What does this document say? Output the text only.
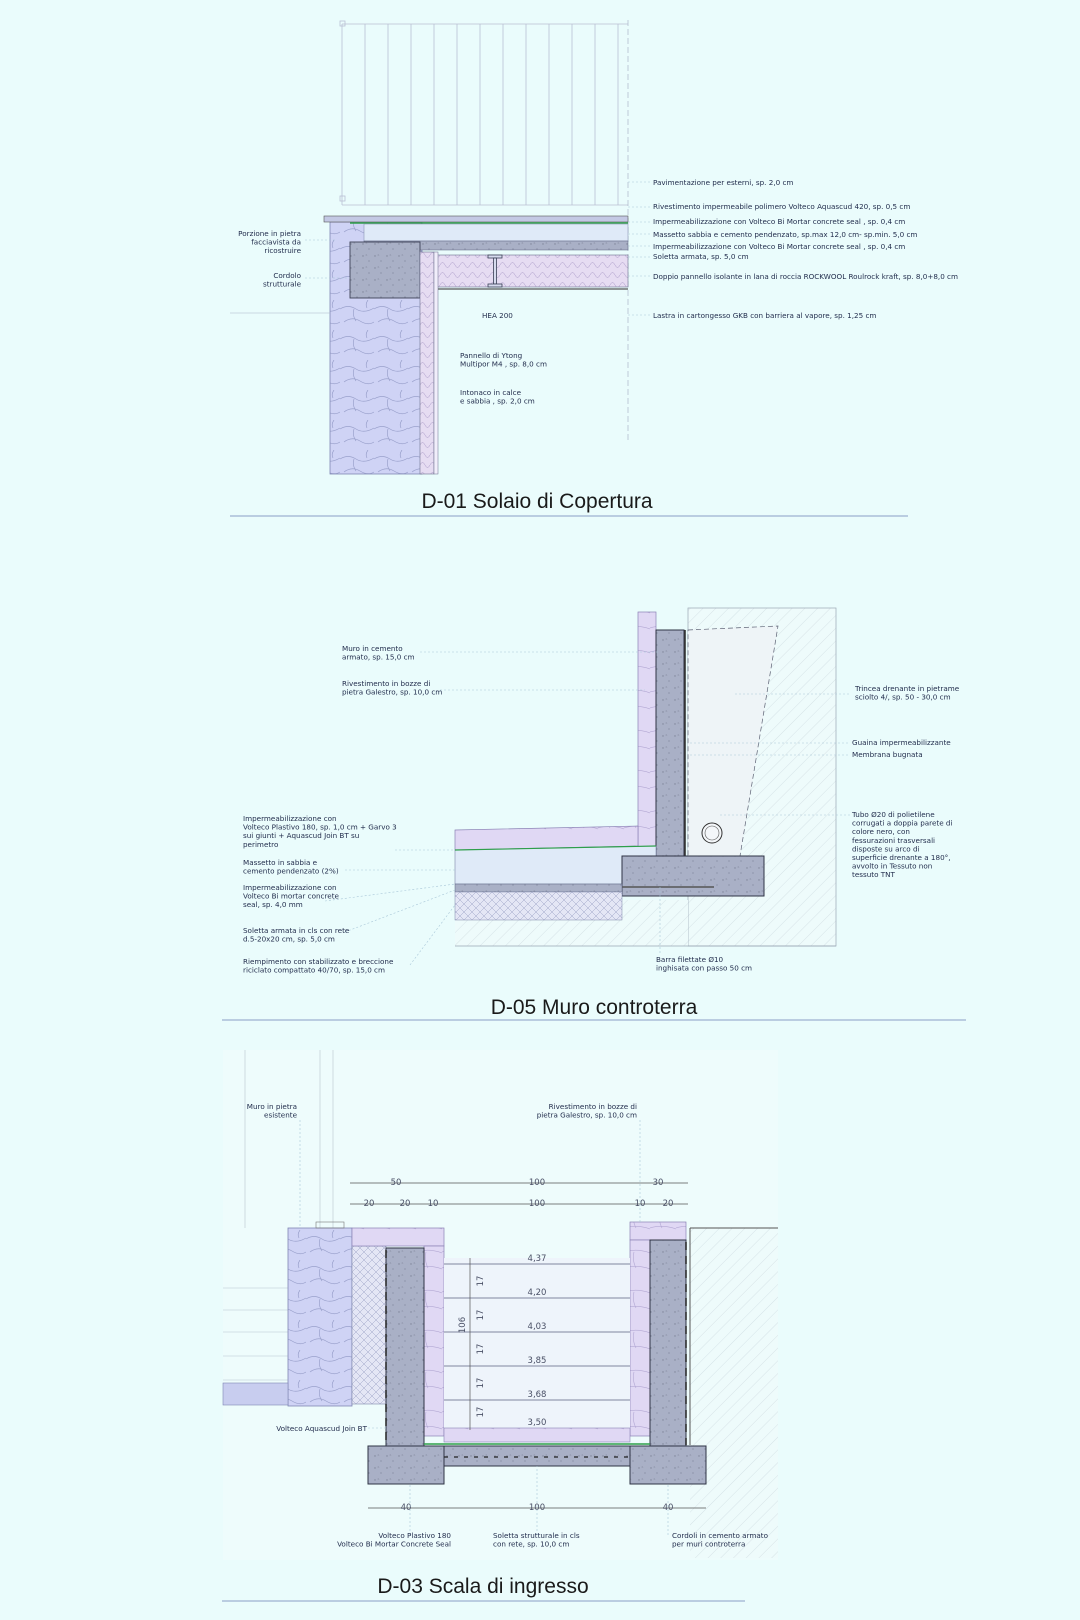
Porzione in pietra facciavista da ricostruire
Cordolo strutturale
Pavimentazione per esterni, sp. 2,0 cm
Rivestimento impermeabile polimero Volteco Aquascud 420, sp. 0,5 cm
Impermeabilizzazione con Volteco Bi Mortar concrete seal , sp. 0,4 cm
Massetto sabbia e cemento pendenzato, sp.max 12,0 cm- sp.min. 5,0 cm
Impermeabilizzazione con Volteco Bi Mortar concrete seal , sp. 0,4 cm
Soletta armata, sp. 5,0 cm
Doppio pannello isolante in lana di roccia ROCKWOOL Roulrock kraft, sp. 8,0+8,0 cm
Lastra in cartongesso GKB con barriera al vapore, sp. 1,25 cm
HEA 200
Pannello di Ytong Multipor M4 , sp. 8,0 cm
Intonaco in calce e sabbia , sp. 2,0 cm
D-01 Solaio di Copertura
Muro in cemento armato, sp. 15,0 cm
Rivestimento in bozze di pietra Galestro, sp. 10,0 cm
Impermeabilizzazione con Volteco Plastivo 180, sp. 1,0 cm + Garvo 3 sui giunti + Aquascud Join BT su perimetro
Massetto in sabbia e cemento pendenzato (2%)
Impermeabilizzazione con Volteco Bi mortar concrete seal, sp. 4,0 mm
Soletta armata in cls con rete d.5-20x20 cm, sp. 5,0 cm
Riempimento con stabilizzato e breccione riciclato compattato 40/70, sp. 15,0 cm
Trincea drenante in pietrame sciolto 4/, sp. 50 - 30,0 cm
Guaina impermeabilizzante
Membrana bugnata
Tubo Ø20 di polietilene corrugati a doppia parete di colore nero, con fessurazioni trasversali disposte su arco di superficie drenante a 180°, avvolto in Tessuto non tessuto TNT
Barra filettate Ø10 inghisata con passo 50 cm
D-05 Muro controterra
50	100	30
20	20 10	100	10 20
40	100	40
4,37
4,20
4,03
3,85
3,68
3,50
17
17
17
17
17
106
Muro in pietra esistente
Rivestimento in bozze di pietra Galestro, sp. 10,0 cm
Volteco Aquascud Join BT
Volteco Plastivo 180 Volteco Bi Mortar Concrete Seal
Soletta strutturale in cls con rete, sp. 10,0 cm
Cordoli in cemento armato per muri controterra
D-03 Scala di ingresso
